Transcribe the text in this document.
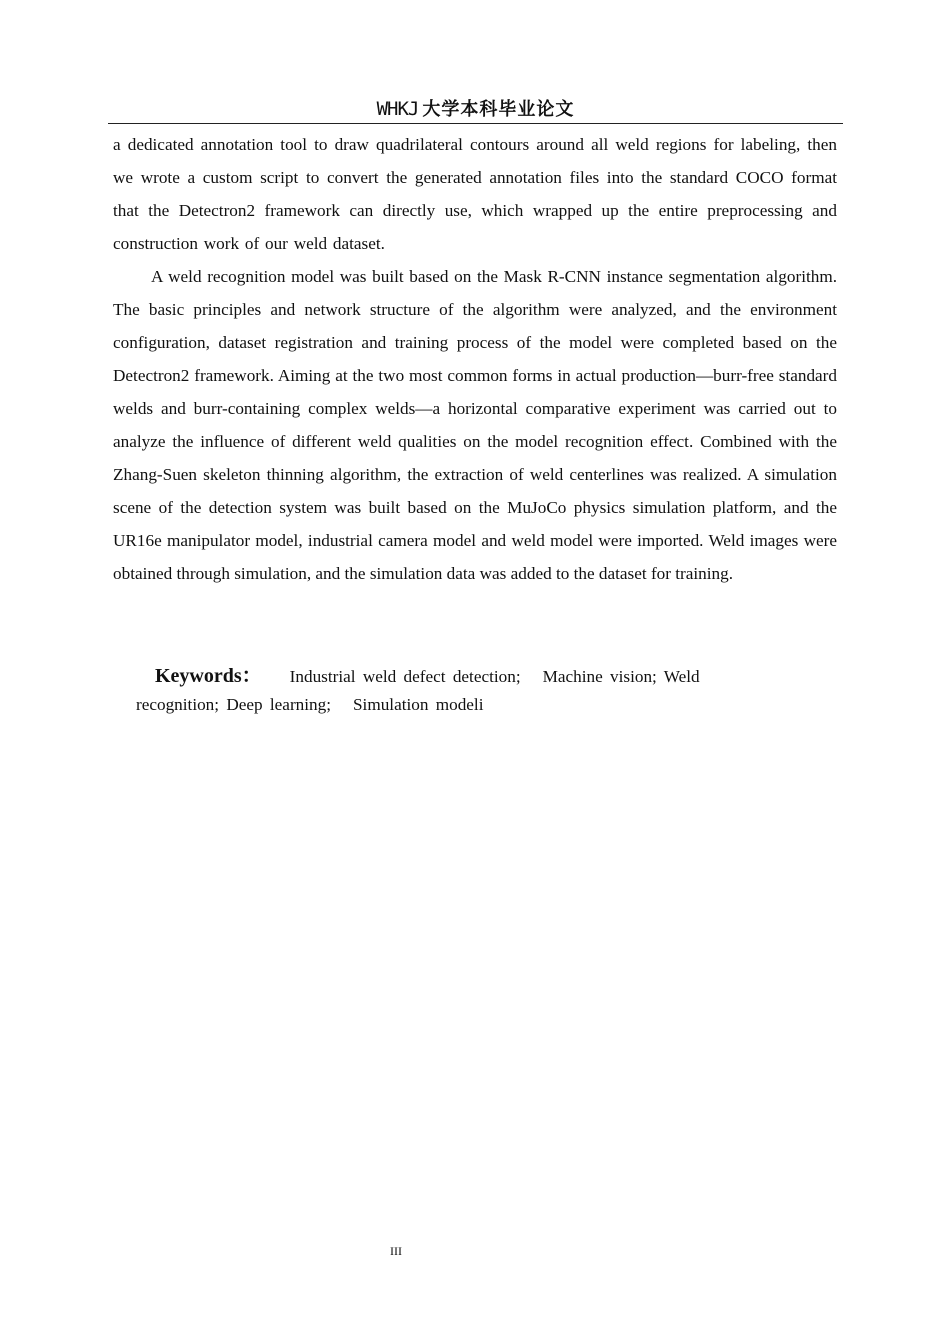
WHKJ 大学本科毕业论文

a dedicated annotation tool to draw quadrilateral contours around all weld regions for labeling, then we wrote a custom script to convert the generated annotation files into the standard COCO format that the Detectron2 framework can directly use, which wrapped up the entire preprocessing and construction work of our weld dataset.

A weld recognition model was built based on the Mask R-CNN instance segmentation algorithm. The basic principles and network structure of the algorithm were analyzed, and the environment configuration, dataset registration and training process of the model were completed based on the Detectron2 framework. Aiming at the two most common forms in actual production—burr-free standard welds and burr-containing complex welds—a horizontal comparative experiment was carried out to analyze the influence of different weld qualities on the model recognition effect. Combined with the Zhang-Suen skeleton thinning algorithm, the extraction of weld centerlines was realized. A simulation scene of the detection system was built based on the MuJoCo physics simulation platform, and the UR16e manipulator model, industrial camera model and weld model were imported. Weld images were obtained through simulation, and the simulation data was added to the dataset for training.

Keywords： Industrial weld defect detection; Machine vision; Weld recognition; Deep learning; Simulation modeli
III
